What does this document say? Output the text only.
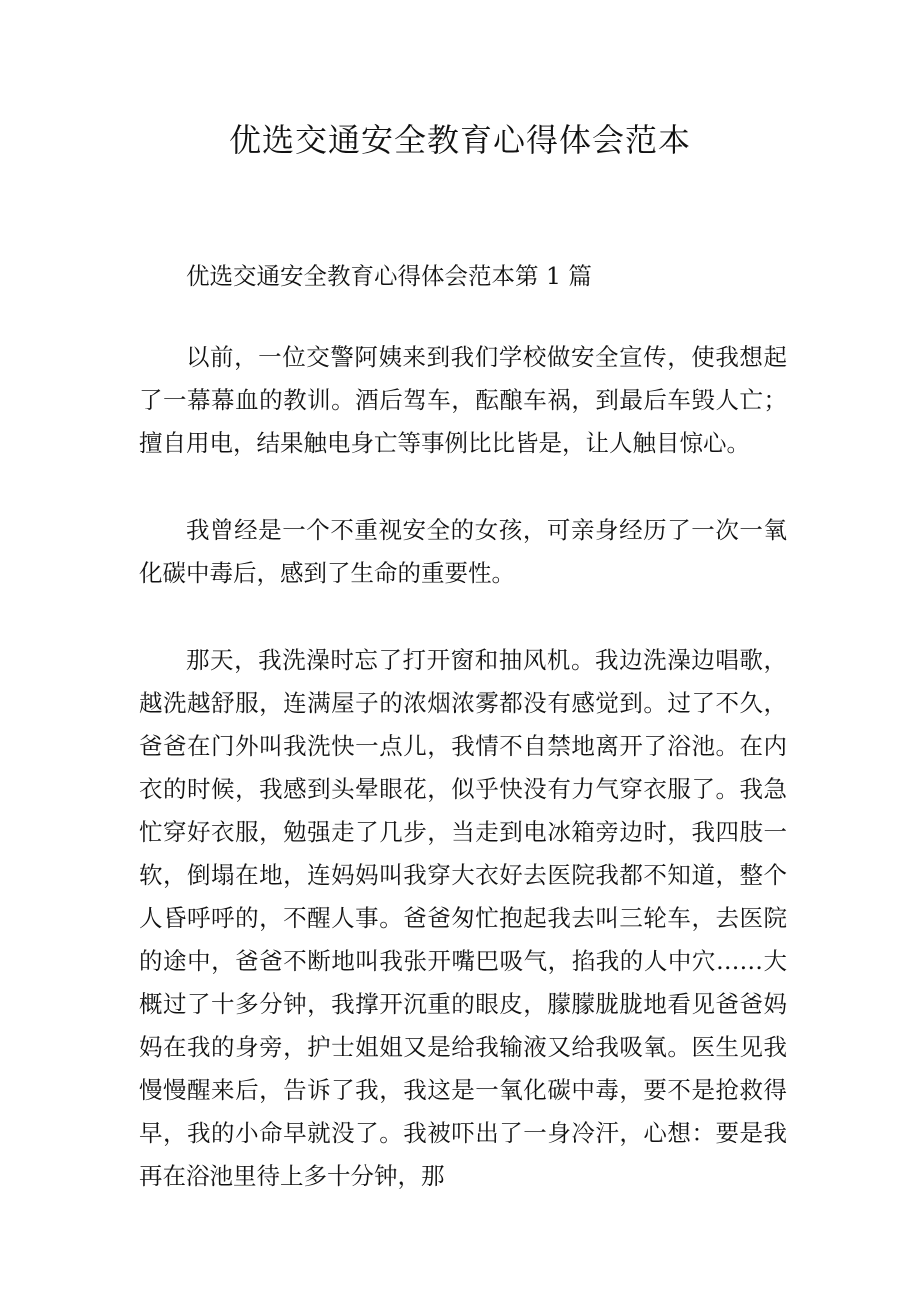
优选交通安全教育心得体会范本
优选交通安全教育心得体会范本第 1 篇

以前，一位交警阿姨来到我们学校做安全宣传，使我想起了一幕幕血的教训。酒后驾车，酝酿车祸，到最后车毁人亡；擅自用电，结果触电身亡等事例比比皆是，让人触目惊心。

我曾经是一个不重视安全的女孩，可亲身经历了一次一氧化碳中毒后，感到了生命的重要性。

那天，我洗澡时忘了打开窗和抽风机。我边洗澡边唱歌，越洗越舒服，连满屋子的浓烟浓雾都没有感觉到。过了不久，爸爸在门外叫我洗快一点儿，我情不自禁地离开了浴池。在内衣的时候，我感到头晕眼花，似乎快没有力气穿衣服了。我急忙穿好衣服，勉强走了几步，当走到电冰箱旁边时，我四肢一软，倒塌在地，连妈妈叫我穿大衣好去医院我都不知道，整个人昏呼呼的，不醒人事。爸爸匆忙抱起我去叫三轮车，去医院的途中，爸爸不断地叫我张开嘴巴吸气，掐我的人中穴……大概过了十多分钟，我撑开沉重的眼皮，朦朦胧胧地看见爸爸妈妈在我的身旁，护士姐姐又是给我输液又给我吸氧。医生见我慢慢醒来后，告诉了我，我这是一氧化碳中毒，要不是抢救得早，我的小命早就没了。我被吓出了一身冷汗，心想：要是我再在浴池里待上多十分钟，那
